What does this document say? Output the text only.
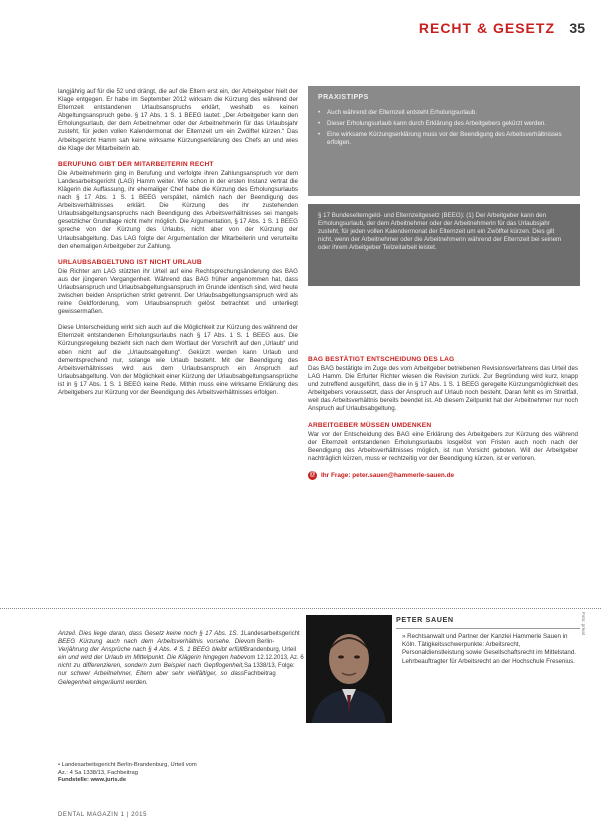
RECHT & GESETZ 35

langjährig auf für die 52 und drängt, die auf die Eltern erst ein, der Arbeitgeber hielt der Klage entgegen. Er habe im September 2012 wirksam die Kürzung des während der Elternzeit entstandenen Urlaubsanspruchs erklärt, weshalb es keinen Abgeltungsanspruch gebe. § 17 Abs. 1 S. 1 BEEG lautet: „Der Arbeitgeber kann den Erholungsurlaub, der dem Arbeitnehmer oder der Arbeitnehmerin für das Urlaubsjahr zusteht, für jeden vollen Kalendermonat der Elternzeit um ein Zwölftel kürzen.“ Das Arbeitsgericht Hamm sah keine wirksame Kürzungserklärung des Chefs an und wies die Klage der Mitarbeiterin ab.

BERUFUNG GIBT DER MITARBEITERIN RECHT

Die Arbeitnehmerin ging in Berufung und verfolgte ihren Zahlungsanspruch vor dem Landesarbeitsgericht (LAG) Hamm weiter. Wie schon in der ersten Instanz vertrat die Klägerin die Auffassung, ihr ehemaliger Chef habe die Kürzung des Erholungsurlaubs nach § 17 Abs. 1 S. 1 BEEG verspätet, nämlich nach der Beendigung des Arbeitsverhältnisses erklärt. Die Kürzung des ihr zustehenden Urlaubsabgeltungsanspruchs nach Beendigung des Arbeitsverhältnisses sei mangels gesetzlicher Grundlage nicht mehr möglich. Die Argumentation, § 17 Abs. 1 S. 1 BEEG spreche von der Kürzung des Urlaubs, nicht aber von der Kürzung der Urlaubsabgeltung. Das LAG folgte der Argumentation der Mitarbeiterin und verurteilte den ehemaligen Arbeitgeber zur Zahlung.

URLAUBSABGELTUNG IST NICHT URLAUB

Die Richter am LAG stützten ihr Urteil auf eine Rechtsprechungsänderung des BAG aus der jüngeren Vergangenheit. Während das BAG früher angenommen hat, dass Urlaubsanspruch und Urlaubsabgeltungsanspruch im Grunde identisch sind, wird heute zwischen beiden Ansprüchen strikt getrennt. Der Urlaubsabgeltungsanspruch wird als reine Geldforderung, vom Urlaubsanspruch gelöst betrachtet und unterliegt gewissermaßen.

Diese Unterscheidung wirkt sich auch auf die Möglichkeit zur Kürzung des während der Elternzeit entstandenen Erholungsurlaubs nach § 17 Abs. 1 S. 1 BEEG aus. Die Kürzungsregelung bezieht sich nach dem Wortlaut der Vorschrift auf den „Urlaub“ und eben nicht auf die „Urlaubsabgeltung“. Gekürzt werden kann Urlaub und dementsprechend nur, solange wie Urlaub besteht. Mit der Beendigung des Arbeitsverhältnisses wird aus dem Urlaubsanspruch ein Anspruch auf Urlaubsabgeltung. Von der Möglichkeit einer Kürzung der Urlaubsabgeltungsansprüche ist in § 17 Abs. 1 S. 1 BEEG keine Rede. Mithin muss eine wirksame Erklärung des Arbeitgebers zur Kürzung vor der Beendigung des Arbeitsverhältnisses erfolgen.

PRAXISTIPPS
• Auch während der Elternzeit entsteht Erholungsurlaub.
• Dieser Erholungsurlaub kann durch Erklärung des Arbeitgebers gekürzt werden.
• Eine wirksame Kürzungserklärung muss vor der Beendigung des Arbeitsverhältnisses erfolgen.

§ 17 Bundeselterngeld- und Elternzeitgesetz (BEEG): (1) Der Arbeitgeber kann den Erholungsurlaub, der dem Arbeitnehmer oder der Arbeitnehmerin für das Urlaubsjahr zusteht, für jeden vollen Kalendermonat der Elternzeit um ein Zwölftel kürzen. Dies gilt nicht, wenn der Arbeitnehmer oder die Arbeitnehmerin während der Elternzeit bei seinem oder ihrem Arbeitgeber Teilzeitarbeit leistet.

BAG BESTÄTIGT ENTSCHEIDUNG DES LAG

Das BAG bestätigte im Zuge des vom Arbeitgeber betriebenen Revisionsverfahrens das Urteil des LAG Hamm. Die Erfurter Richter wiesen die Revision zurück. Zur Begründung wird kurz, knapp und zutreffend ausgeführt, dass die in § 17 Abs. 1 S. 1 BEEG geregelte Kürzungsmöglichkeit des Arbeitgebers voraussetzt, dass der Anspruch auf Urlaub noch besteht. Daran fehlt es im Streitfall, weil das Arbeitsverhältnis bereits beendet ist. Ab diesem Zeitpunkt hat der Arbeitnehmer nur noch Anspruch auf Urlaubsabgeltung.

ARBEITGEBER MÜSSEN UMDENKEN

War vor der Entscheidung des BAG eine Erklärung des Arbeitgebers zur Kürzung des während der Elternzeit entstandenen Erholungsurlaubs losgelöst von Fristen auch noch nach der Beendigung des Arbeitsverhältnisses möglich, ist nun Vorsicht geboten. Will der Arbeitgeber nachträglich kürzen, muss er rechtzeitig vor der Beendigung kürzen, ist er verloren.

@ Ihr Frage: peter.sauen@hammerle-sauen.de

Anzeil. Dies liege daran, dass Gesetz keine noch § 17 Abs. 1S. 1 BEEG Kürzung auch nach dem Arbeitsverhältnis vorsehe. Die Verjährung der Ansprüche nach § 4 Abs. 4 S. 1 BEEG bleibt erfüllt ein und wird der Urlaub im Mittelpunkt. Die Klägerin hingegen habe nicht zu differenzieren, sondern zum Beispiel nach Gepflogenheit, nur schwer Arbeitnehmer, Eltern aber sehr vielfältiger, so dass Gelegenheit eingeräumt werden.

Landesarbeitsgericht vom Berlin-Brandenburg, Urteil vom 12.12.2013, Az. 6 Sa 1338/13, Folge: Fachbeitrag

• Landesarbeitsgericht Berlin-Brandenburg, Urteil vom

Az.: 4 Sa 1338/13, Fachbeitrag

Fundstelle: www.juris.de

PETER SAUEN

» Rechtsanwalt und Partner der Kanzlei Hammerle Sauen in Köln. Tätigkeitsschwerpunkte: Arbeitsrecht, Personaldienstleistung sowie Gesellschaftsrecht im Mittelstand. Lehrbeauftragter für Arbeitsrecht an der Hochschule Fresenius.

Foto: privat
DENTAL MAGAZIN 1 | 2015
